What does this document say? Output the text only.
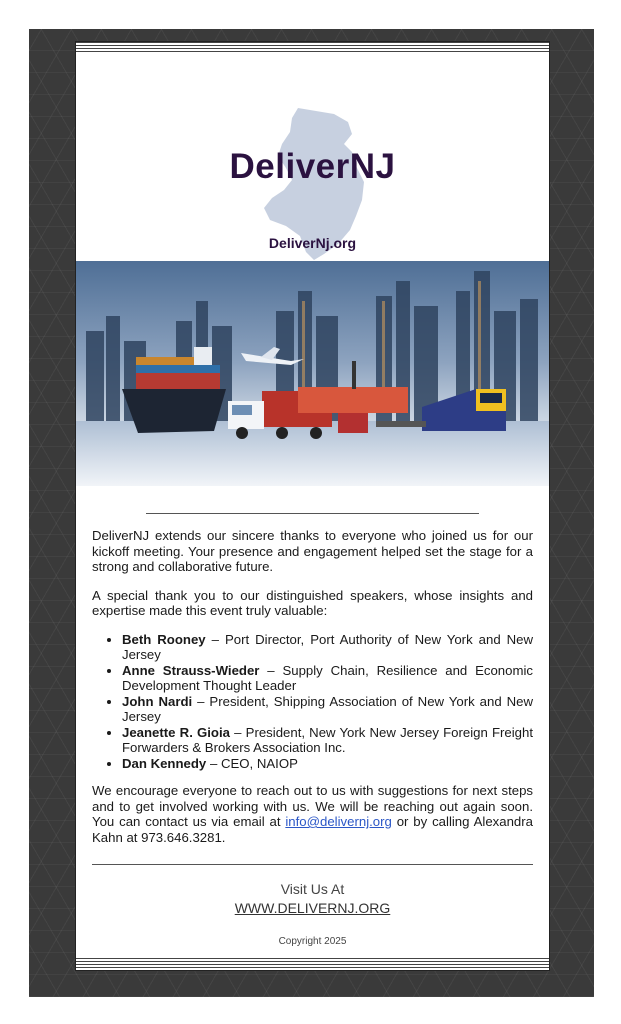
DeliverNJ
DeliverNj.org

DeliverNJ extends our sincere thanks to everyone who joined us for our kickoff meeting. Your presence and engagement helped set the stage for a strong and collaborative future.

A special thank you to our distinguished speakers, whose insights and expertise made this event truly valuable:

• Beth Rooney – Port Director, Port Authority of New York and New Jersey
• Anne Strauss-Wieder – Supply Chain, Resilience and Economic Development Thought Leader
• John Nardi – President, Shipping Association of New York and New Jersey
• Jeanette R. Gioia – President, New York New Jersey Foreign Freight Forwarders & Brokers Association Inc.
• Dan Kennedy – CEO, NAIOP

We encourage everyone to reach out to us with suggestions for next steps and to get involved working with us. We will be reaching out again soon. You can contact us via email at info@delivernj.org or by calling Alexandra Kahn at 973.646.3281.

Visit Us At
WWW.DELIVERNJ.ORG
Copyright 2025
